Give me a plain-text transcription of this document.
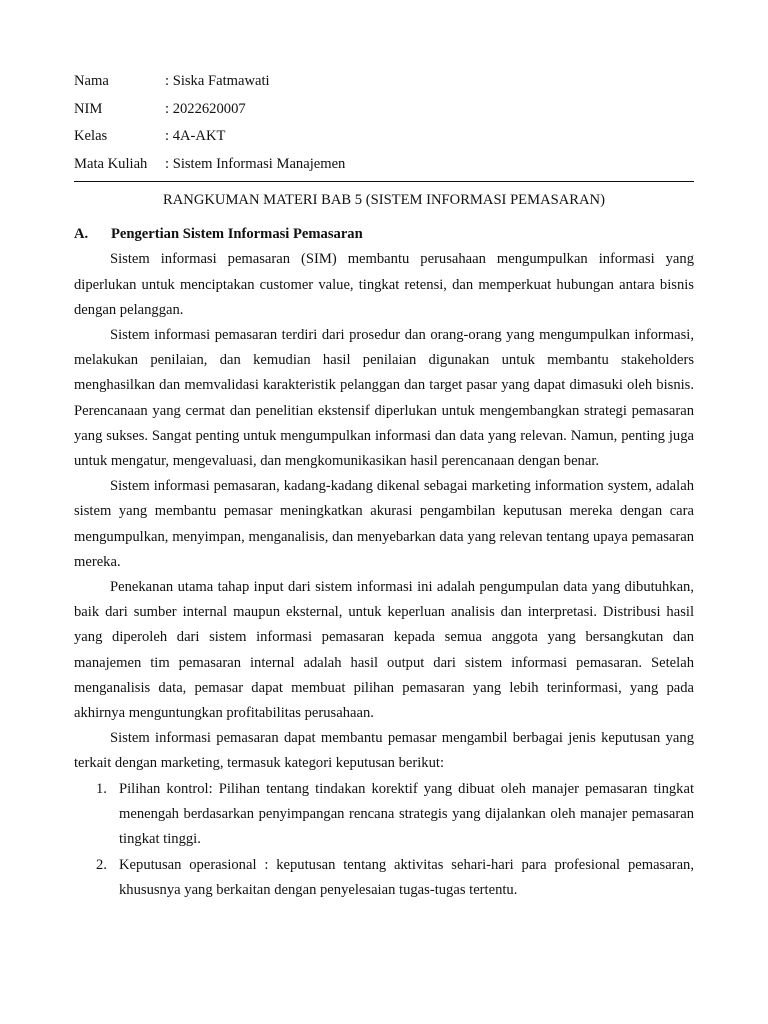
Nama	: Siska Fatmawati
NIM	: 2022620007
Kelas	: 4A-AKT
Mata Kuliah	: Sistem Informasi Manajemen
RANGKUMAN MATERI BAB 5 (SISTEM INFORMASI PEMASARAN)
A. Pengertian Sistem Informasi Pemasaran

Sistem informasi pemasaran (SIM) membantu perusahaan mengumpulkan informasi yang diperlukan untuk menciptakan customer value, tingkat retensi, dan memperkuat hubungan antara bisnis dengan pelanggan.

Sistem informasi pemasaran terdiri dari prosedur dan orang-orang yang mengumpulkan informasi, melakukan penilaian, dan kemudian hasil penilaian digunakan untuk membantu stakeholders menghasilkan dan memvalidasi karakteristik pelanggan dan target pasar yang dapat dimasuki oleh bisnis. Perencanaan yang cermat dan penelitian ekstensif diperlukan untuk mengembangkan strategi pemasaran yang sukses. Sangat penting untuk mengumpulkan informasi dan data yang relevan. Namun, penting juga untuk mengatur, mengevaluasi, dan mengkomunikasikan hasil perencanaan dengan benar.

Sistem informasi pemasaran, kadang-kadang dikenal sebagai marketing information system, adalah sistem yang membantu pemasar meningkatkan akurasi pengambilan keputusan mereka dengan cara mengumpulkan, menyimpan, menganalisis, dan menyebarkan data yang relevan tentang upaya pemasaran mereka.

Penekanan utama tahap input dari sistem informasi ini adalah pengumpulan data yang dibutuhkan, baik dari sumber internal maupun eksternal, untuk keperluan analisis dan interpretasi. Distribusi hasil yang diperoleh dari sistem informasi pemasaran kepada semua anggota yang bersangkutan dan manajemen tim pemasaran internal adalah hasil output dari sistem informasi pemasaran. Setelah menganalisis data, pemasar dapat membuat pilihan pemasaran yang lebih terinformasi, yang pada akhirnya menguntungkan profitabilitas perusahaan.

Sistem informasi pemasaran dapat membantu pemasar mengambil berbagai jenis keputusan yang terkait dengan marketing, termasuk kategori keputusan berikut:

1. Pilihan kontrol: Pilihan tentang tindakan korektif yang dibuat oleh manajer pemasaran tingkat menengah berdasarkan penyimpangan rencana strategis yang dijalankan oleh manajer pemasaran tingkat tinggi.
2. Keputusan operasional : keputusan tentang aktivitas sehari-hari para profesional pemasaran, khususnya yang berkaitan dengan penyelesaian tugas-tugas tertentu.
